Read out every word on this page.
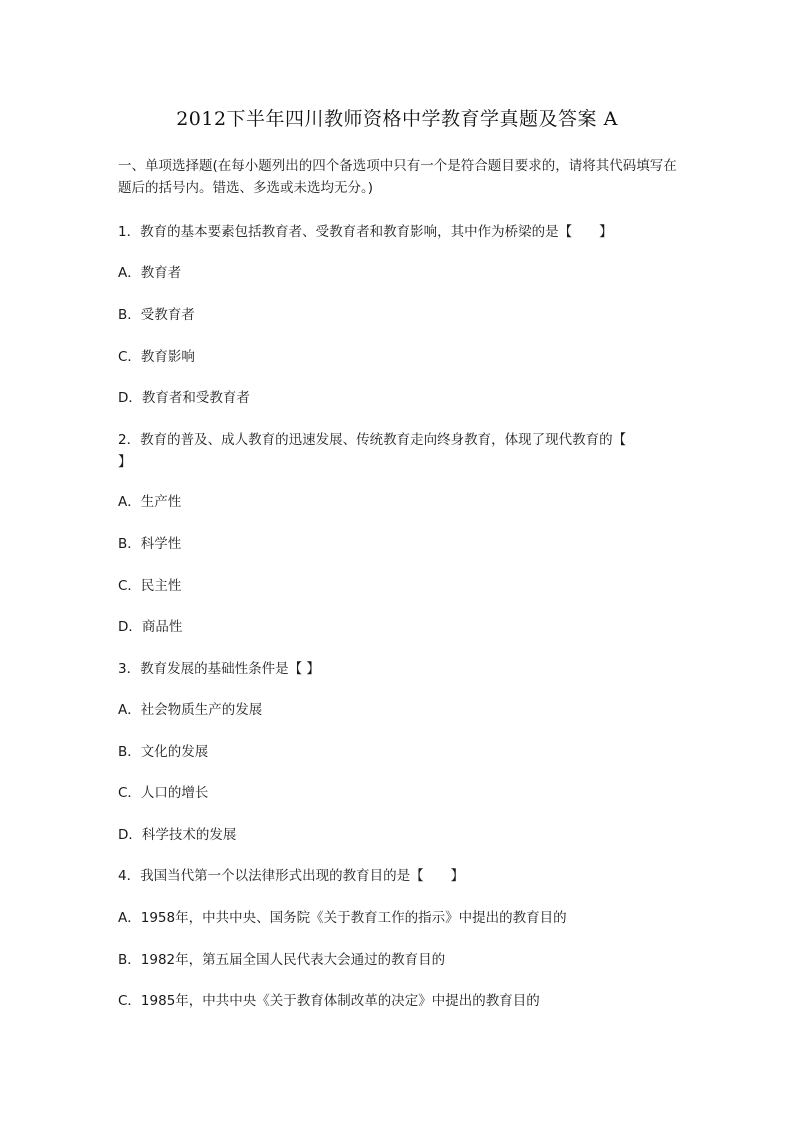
2012下半年四川教师资格中学教育学真题及答案 A
一、单项选择题(在每小题列出的四个备选项中只有一个是符合题目要求的，请将其代码填写在题后的括号内。错选、多选或未选均无分。)
1．教育的基本要素包括教育者、受教育者和教育影响，其中作为桥梁的是【　　】
A．教育者
B．受教育者
C．教育影响
D．教育者和受教育者
2．教育的普及、成人教育的迅速发展、传统教育走向终身教育，体现了现代教育的【　　】
A．生产性
B．科学性
C．民主性
D．商品性
3．教育发展的基础性条件是【 】
A．社会物质生产的发展
B．文化的发展
C．人口的增长
D．科学技术的发展
4．我国当代第一个以法律形式出现的教育目的是【　　】
A．1958年，中共中央、国务院《关于教育工作的指示》中提出的教育目的
B．1982年，第五届全国人民代表大会通过的教育目的
C．1985年，中共中央《关于教育体制改革的决定》中提出的教育目的
